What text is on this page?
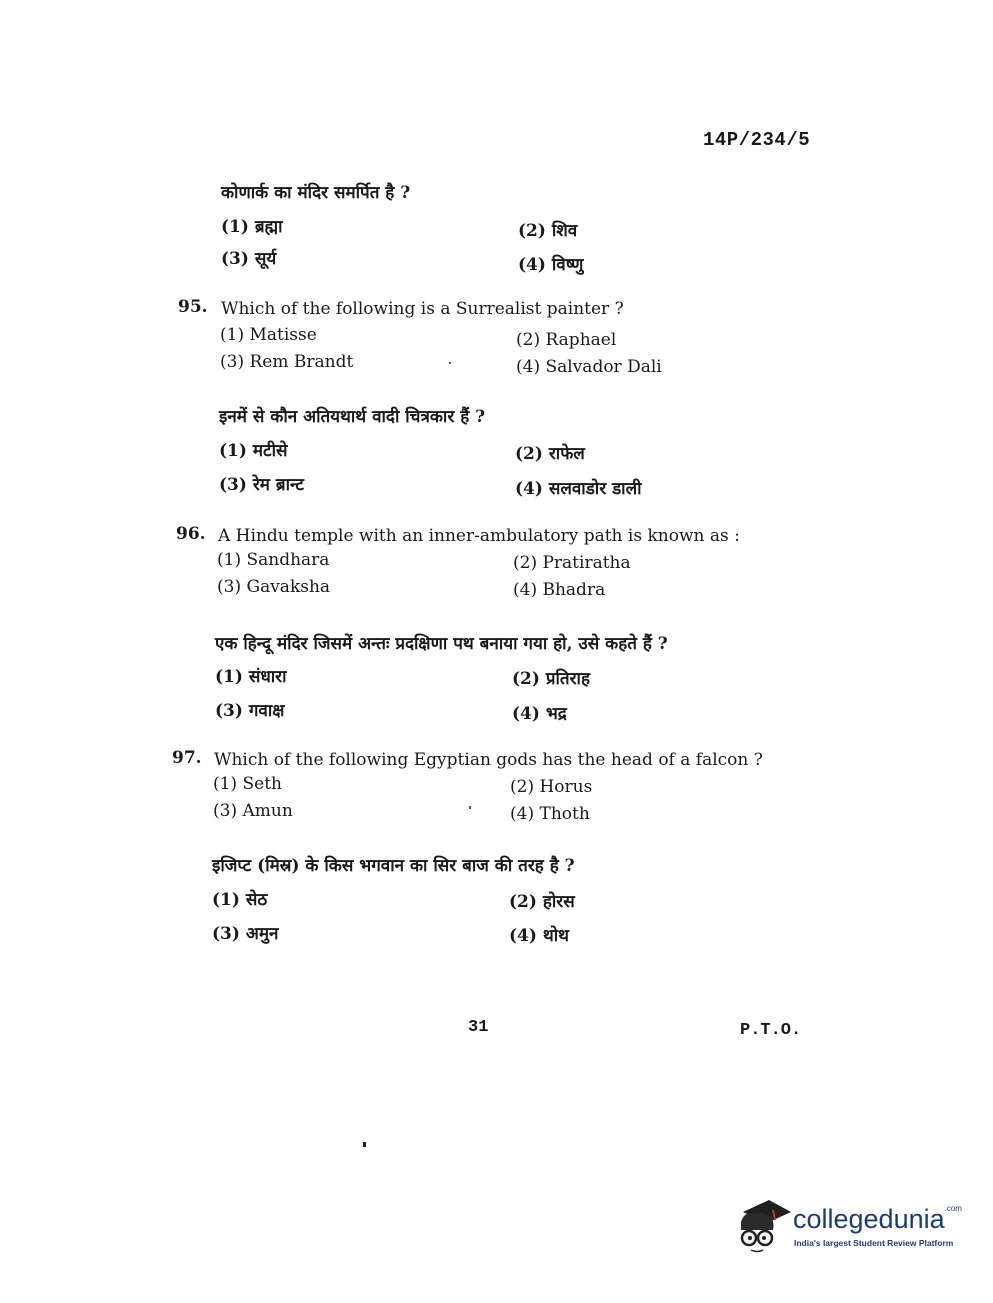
14P/234/5
कोणार्क का मंदिर समर्पित है ?
(1) ब्रह्मा	(2) शिव
(3) सूर्य	(4) विष्णु
95. Which of the following is a Surrealist painter ?
(1) Matisse	(2) Raphael
(3) Rem Brandt	(4) Salvador Dali
इनमें से कौन अतियथार्थ वादी चित्रकार हैं ?
(1) मटीसे	(2) राफेल
(3) रेम ब्रान्ट	(4) सलवाडोर डाली
96. A Hindu temple with an inner-ambulatory path is known as :
(1) Sandhara	(2) Pratiratha
(3) Gavaksha	(4) Bhadra
एक हिन्दू मंदिर जिसमें अन्तः प्रदक्षिणा पथ बनाया गया हो, उसे कहते हैं ?
(1) संधारा	(2) प्रतिराह
(3) गवाक्ष	(4) भद्र
97. Which of the following Egyptian gods has the head of a falcon ?
(1) Seth	(2) Horus
(3) Amun	(4) Thoth
इजिप्ट (मिस्र) के किस भगवान का सिर बाज की तरह है ?
(1) सेठ	(2) होरस
(3) अमुन	(4) थोथ
31	P.T.O.
collegedunia$^{.com}$
India's largest Student Review Platform
